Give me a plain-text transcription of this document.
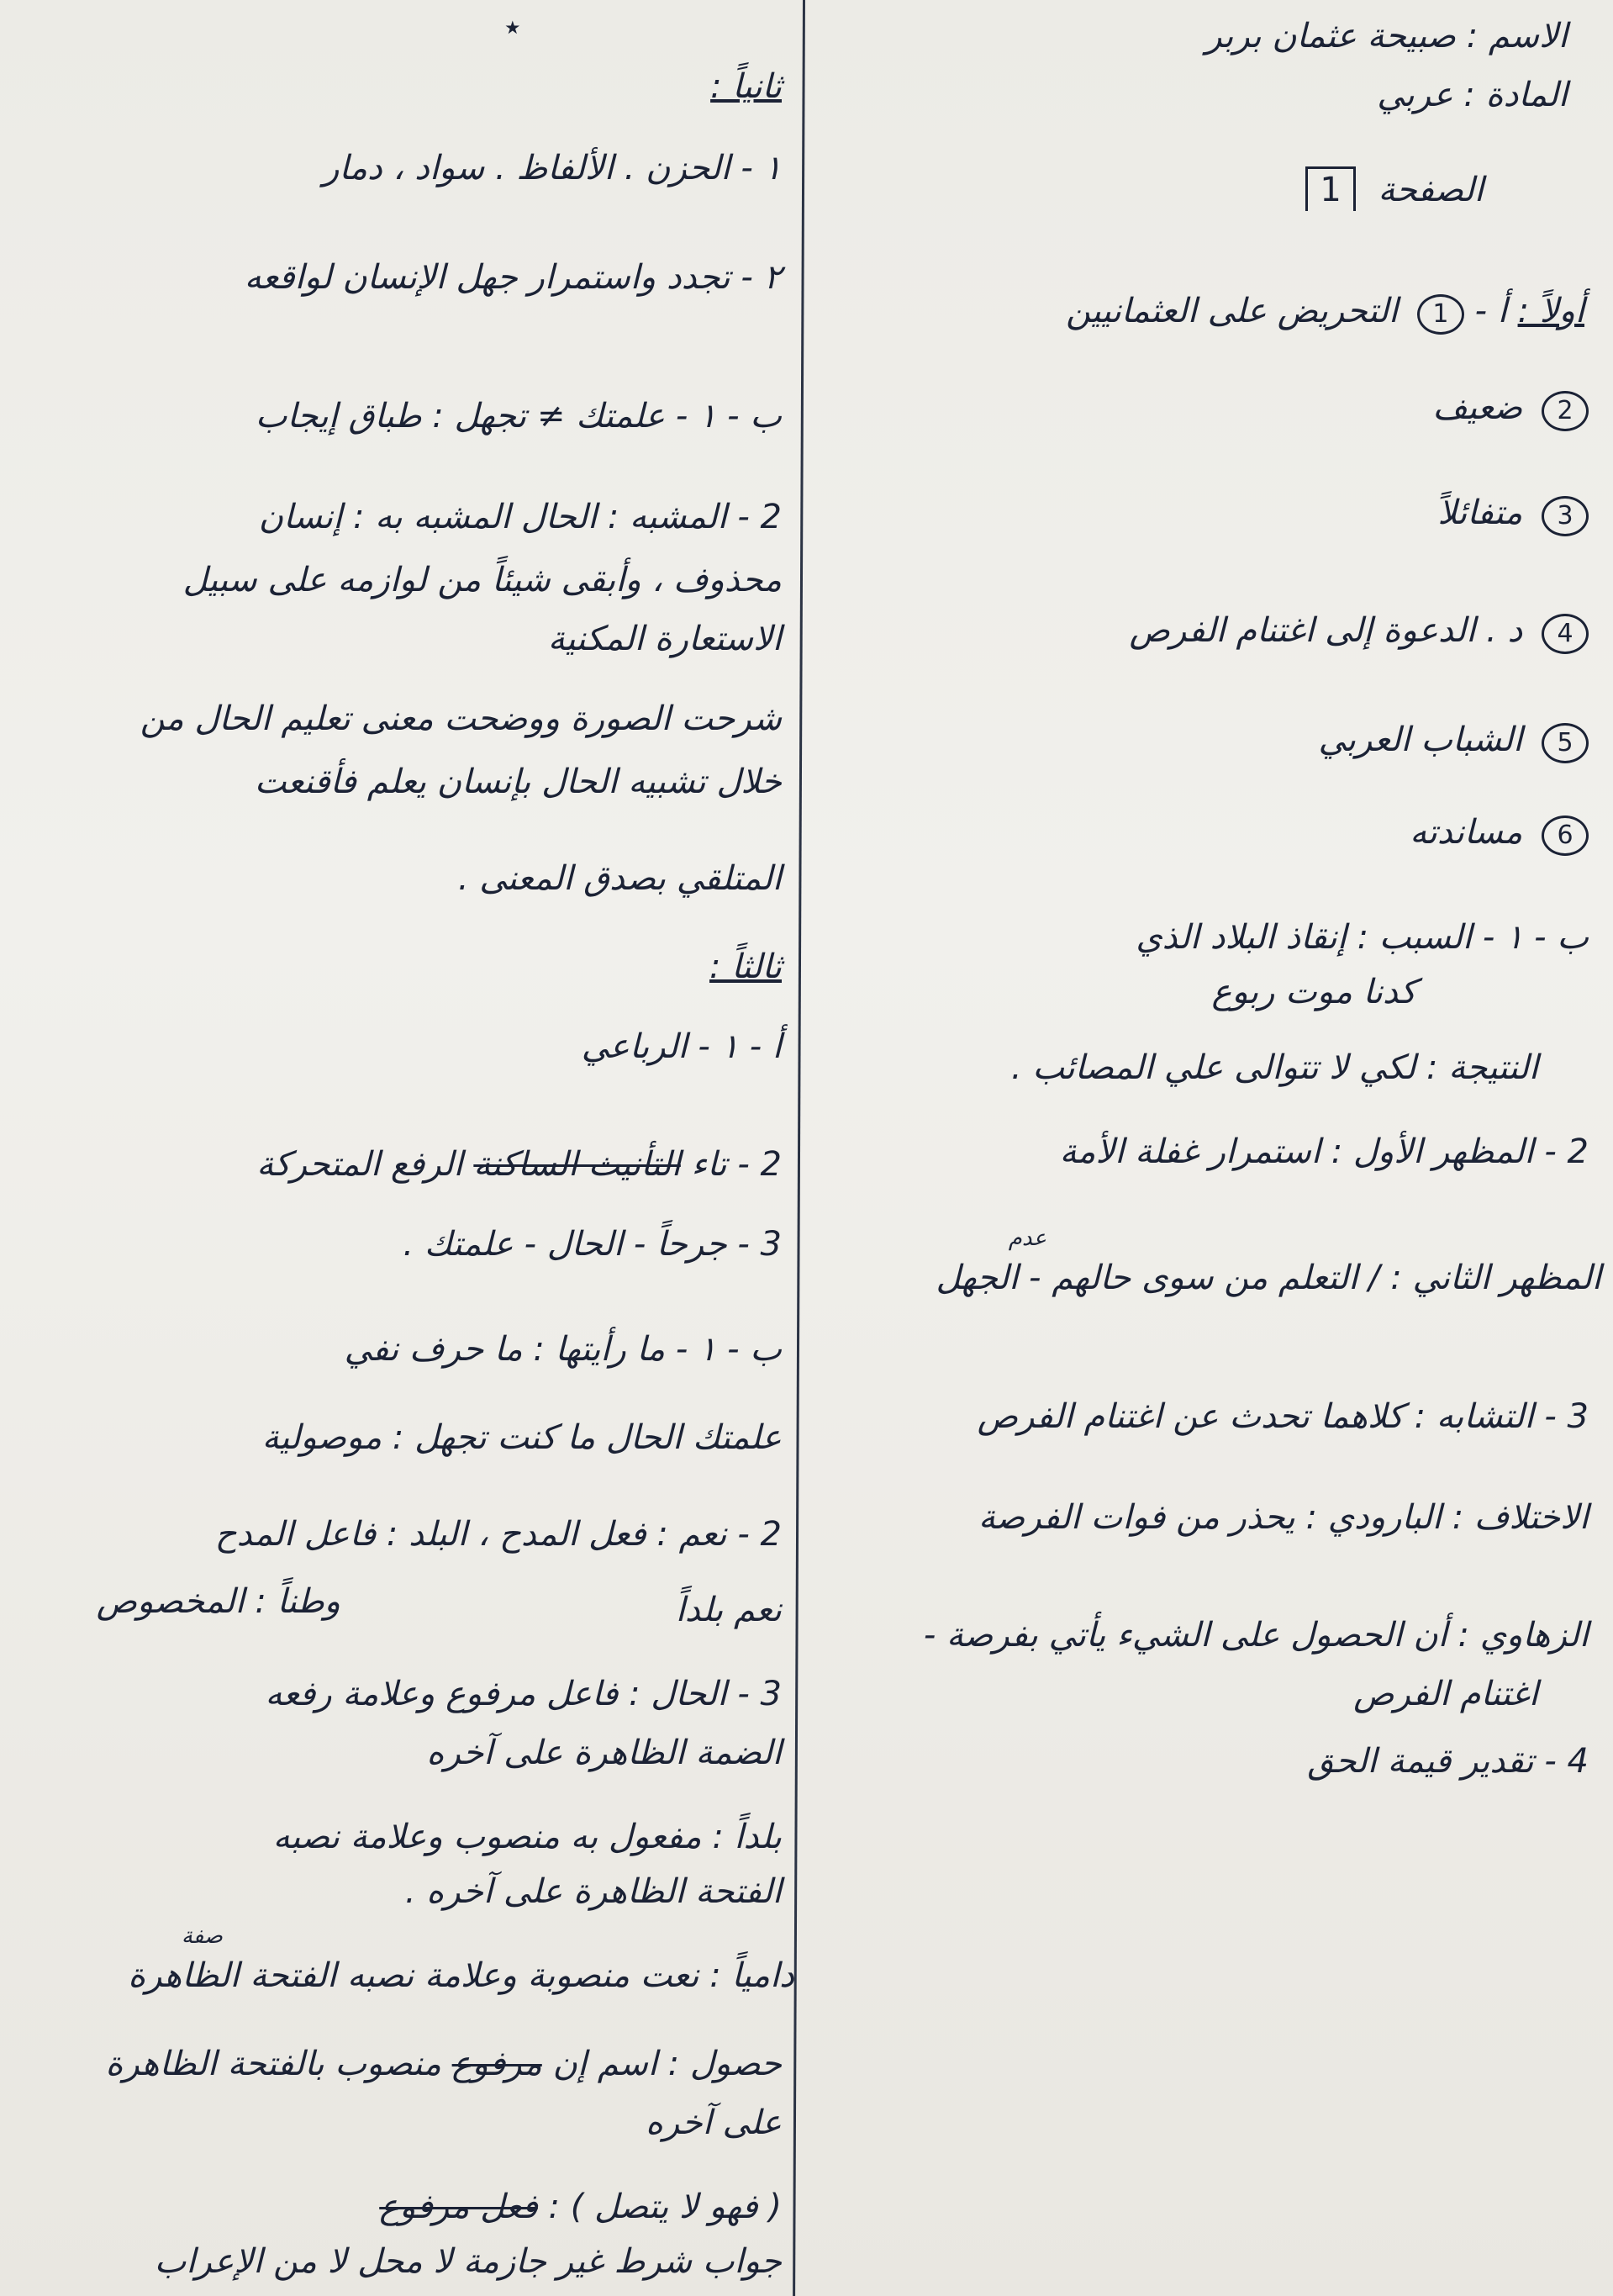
٭	الاسم : صبيحة عثمان بربر
المادة : عربي
الصفحة 1
أولاً : أ - 1 التحريض على العثمانيين
2 ضعيف
3 متفائلاً
4 د . الدعوة إلى اغتنام الفرص
5 الشباب العربي
6 مساندته
ب - ١ - السبب : إنقاذ البلاد الذي
كدنا موت ربوع
النتيجة : لكي لا تتوالى علي المصائب .
2 - المظهر الأول : استمرار غفلة الأمة
عدم
المظهر الثاني : / التعلم من سوى حالهم - الجهل
3 - التشابه : كلاهما تحدث عن اغتنام الفرص
الاختلاف : البارودي : يحذر من فوات الفرصة
الزهاوي : أن الحصول على الشيء يأتي بفرصة -
اغتنام الفرص
4 - تقدير قيمة الحق
ثانياً :
١ - الحزن . الألفاظ . سواد ، دمار
٢ - تجدد واستمرار جهل الإنسان لواقعه
ب - ١ - علمتك ≠ تجهل : طباق إيجاب
2 - المشبه : الحال المشبه به : إنسان
محذوف ، وأبقى شيئاً من لوازمه على سبيل
الاستعارة المكنية
شرحت الصورة ووضحت معنى تعليم الحال من
خلال تشبيه الحال بإنسان يعلم فأقنعت
المتلقي بصدق المعنى .
ثالثاً :
أ - ١ - الرباعي
2 - تاء التأنيث الساكنة الرفع المتحركة
3 - جرحاً - الحال - علمتك .
ب - ١ - ما رأيتها : ما حرف نفي
علمتك الحال ما كنت تجهل : موصولية
2 - نعم : فعل المدح ، البلد : فاعل المدح
وطناً : المخصوص	نعم بلداً
3 - الحال : فاعل مرفوع وعلامة رفعه
الضمة الظاهرة على آخره
بلداً : مفعول به منصوب وعلامة نصبه
الفتحة الظاهرة على آخره .
صفة
دامياً : نعت منصوبة وعلامة نصبه الفتحة الظاهرة
حصول : اسم إن مرفوع منصوب بالفتحة الظاهرة
على آخره
( فهو لا يتصل ) : فعل مرفوع
جواب شرط غير جازمة لا محل لا من الإعراب
